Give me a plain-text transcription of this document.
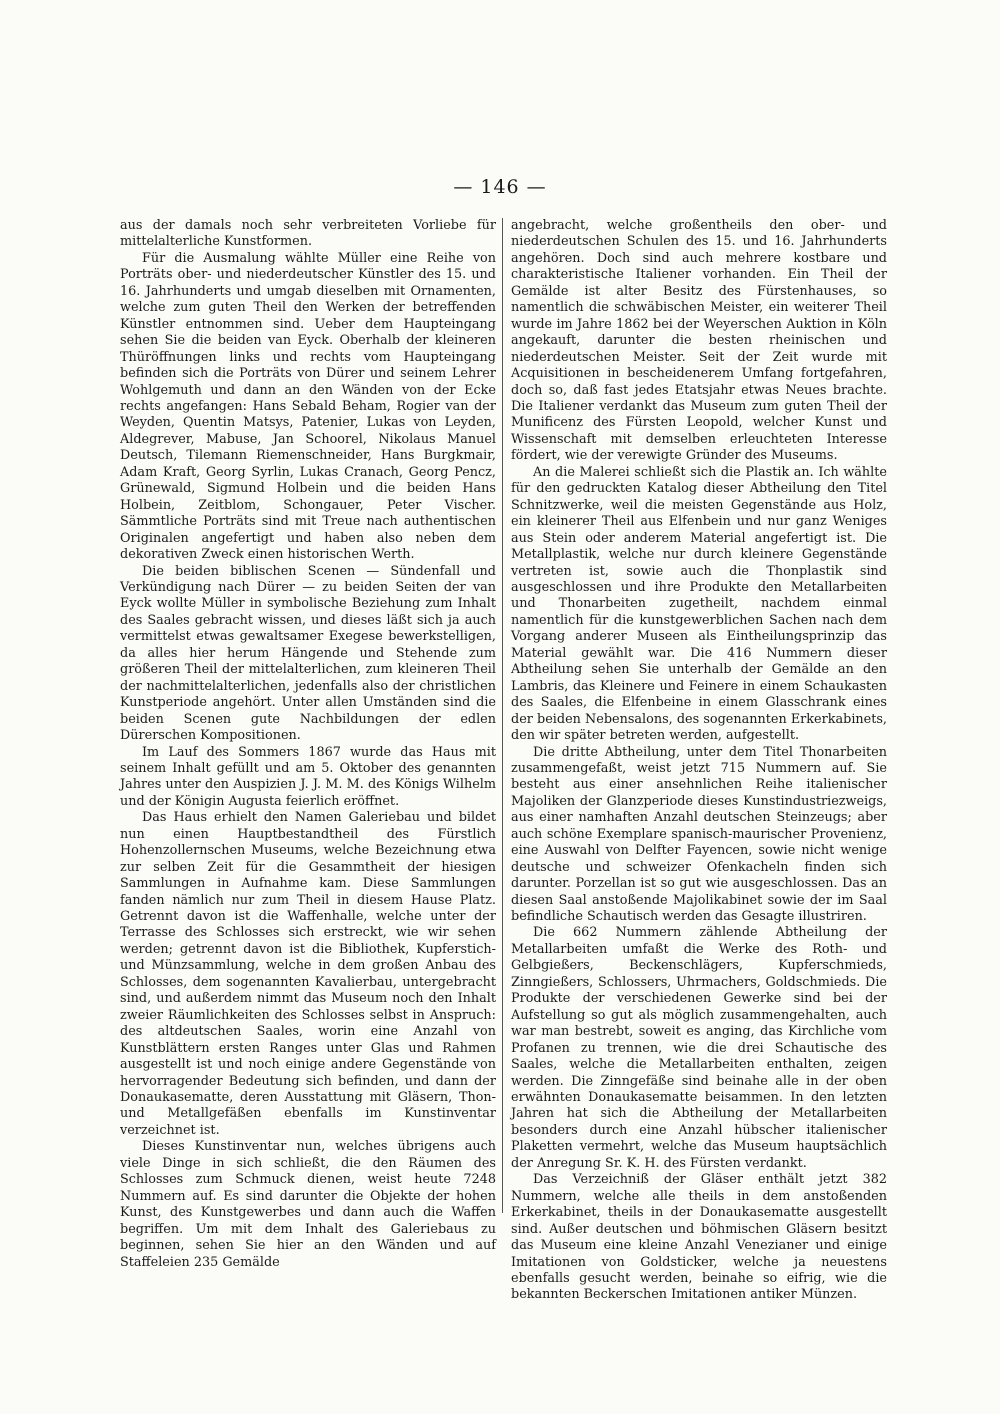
— 146 —

aus der damals noch sehr verbreiteten Vorliebe für mittelalterliche Kunstformen.

Für die Ausmalung wählte Müller eine Reihe von Porträts ober- und niederdeutscher Künstler des 15. und 16. Jahrhunderts und umgab dieselben mit Ornamenten, welche zum guten Theil den Werken der betreffenden Künstler entnommen sind. Ueber dem Haupteingang sehen Sie die beiden van Eyck. Oberhalb der kleineren Thüröffnungen links und rechts vom Haupteingang befinden sich die Porträts von Dürer und seinem Lehrer Wohlgemuth und dann an den Wänden von der Ecke rechts angefangen: Hans Sebald Beham, Rogier van der Weyden, Quentin Matsys, Patenier, Lukas von Leyden, Aldegrever, Mabuse, Jan Schoorel, Nikolaus Manuel Deutsch, Tilemann Riemenschneider, Hans Burgkmair, Adam Kraft, Georg Syrlin, Lukas Cranach, Georg Pencz, Grünewald, Sigmund Holbein und die beiden Hans Holbein, Zeitblom, Schongauer, Peter Vischer. Sämmtliche Porträts sind mit Treue nach authentischen Originalen angefertigt und haben also neben dem dekorativen Zweck einen historischen Werth.

Die beiden biblischen Scenen — Sündenfall und Verkündigung nach Dürer — zu beiden Seiten der van Eyck wollte Müller in symbolische Beziehung zum Inhalt des Saales gebracht wissen, und dieses läßt sich ja auch vermittelst etwas gewaltsamer Exegese bewerkstelligen, da alles hier herum Hängende und Stehende zum größeren Theil der mittelalterlichen, zum kleineren Theil der nachmittelalterlichen, jedenfalls also der christlichen Kunstperiode angehört. Unter allen Umständen sind die beiden Scenen gute Nachbildungen der edlen Dürerschen Kompositionen.

Im Lauf des Sommers 1867 wurde das Haus mit seinem Inhalt gefüllt und am 5. Oktober des genannten Jahres unter den Auspizien J. J. M. M. des Königs Wilhelm und der Königin Augusta feierlich eröffnet.

Das Haus erhielt den Namen Galeriebau und bildet nun einen Hauptbestandtheil des Fürstlich Hohenzollernschen Museums, welche Bezeichnung etwa zur selben Zeit für die Gesammtheit der hiesigen Sammlungen in Aufnahme kam. Diese Sammlungen fanden nämlich nur zum Theil in diesem Hause Platz. Getrennt davon ist die Waffenhalle, welche unter der Terrasse des Schlosses sich erstreckt, wie wir sehen werden; getrennt davon ist die Bibliothek, Kupferstich- und Münzsammlung, welche in dem großen Anbau des Schlosses, dem sogenannten Kavalierbau, untergebracht sind, und außerdem nimmt das Museum noch den Inhalt zweier Räumlichkeiten des Schlosses selbst in Anspruch: des altdeutschen Saales, worin eine Anzahl von Kunstblättern ersten Ranges unter Glas und Rahmen ausgestellt ist und noch einige andere Gegenstände von hervorragender Bedeutung sich befinden, und dann der Donaukasematte, deren Ausstattung mit Gläsern, Thon- und Metallgefäßen ebenfalls im Kunstinventar verzeichnet ist.

Dieses Kunstinventar nun, welches übrigens auch viele Dinge in sich schließt, die den Räumen des Schlosses zum Schmuck dienen, weist heute 7248 Nummern auf. Es sind darunter die Objekte der hohen Kunst, des Kunstgewerbes und dann auch die Waffen begriffen. Um mit dem Inhalt des Galeriebaus zu beginnen, sehen Sie hier an den Wänden und auf Staffeleien 235 Gemälde

angebracht, welche großentheils den ober- und niederdeutschen Schulen des 15. und 16. Jahrhunderts angehören. Doch sind auch mehrere kostbare und charakteristische Italiener vorhanden. Ein Theil der Gemälde ist alter Besitz des Fürstenhauses, so namentlich die schwäbischen Meister, ein weiterer Theil wurde im Jahre 1862 bei der Weyerschen Auktion in Köln angekauft, darunter die besten rheinischen und niederdeutschen Meister. Seit der Zeit wurde mit Acquisitionen in bescheidenerem Umfang fortgefahren, doch so, daß fast jedes Etatsjahr etwas Neues brachte. Die Italiener verdankt das Museum zum guten Theil der Munificenz des Fürsten Leopold, welcher Kunst und Wissenschaft mit demselben erleuchteten Interesse fördert, wie der verewigte Gründer des Museums.

An die Malerei schließt sich die Plastik an. Ich wählte für den gedruckten Katalog dieser Abtheilung den Titel Schnitzwerke, weil die meisten Gegenstände aus Holz, ein kleinerer Theil aus Elfenbein und nur ganz Weniges aus Stein oder anderem Material angefertigt ist. Die Metallplastik, welche nur durch kleinere Gegenstände vertreten ist, sowie auch die Thonplastik sind ausgeschlossen und ihre Produkte den Metallarbeiten und Thonarbeiten zugetheilt, nachdem einmal namentlich für die kunstgewerblichen Sachen nach dem Vorgang anderer Museen als Eintheilungsprinzip das Material gewählt war. Die 416 Nummern dieser Abtheilung sehen Sie unterhalb der Gemälde an den Lambris, das Kleinere und Feinere in einem Schaukasten des Saales, die Elfenbeine in einem Glasschrank eines der beiden Nebensalons, des sogenannten Erkerkabinets, den wir später betreten werden, aufgestellt.

Die dritte Abtheilung, unter dem Titel Thonarbeiten zusammengefaßt, weist jetzt 715 Nummern auf. Sie besteht aus einer ansehnlichen Reihe italienischer Majoliken der Glanzperiode dieses Kunstindustriezweigs, aus einer namhaften Anzahl deutschen Steinzeugs; aber auch schöne Exemplare spanisch-maurischer Provenienz, eine Auswahl von Delfter Fayencen, sowie nicht wenige deutsche und schweizer Ofenkacheln finden sich darunter. Porzellan ist so gut wie ausgeschlossen. Das an diesen Saal anstoßende Majolikabinet sowie der im Saal befindliche Schautisch werden das Gesagte illustriren.

Die 662 Nummern zählende Abtheilung der Metallarbeiten umfaßt die Werke des Roth- und Gelbgießers, Beckenschlägers, Kupferschmieds, Zinngießers, Schlossers, Uhrmachers, Goldschmieds. Die Produkte der verschiedenen Gewerke sind bei der Aufstellung so gut als möglich zusammengehalten, auch war man bestrebt, soweit es anging, das Kirchliche vom Profanen zu trennen, wie die drei Schautische des Saales, welche die Metallarbeiten enthalten, zeigen werden. Die Zinngefäße sind beinahe alle in der oben erwähnten Donaukasematte beisammen. In den letzten Jahren hat sich die Abtheilung der Metallarbeiten besonders durch eine Anzahl hübscher italienischer Plaketten vermehrt, welche das Museum hauptsächlich der Anregung Sr. K. H. des Fürsten verdankt.

Das Verzeichniß der Gläser enthält jetzt 382 Nummern, welche alle theils in dem anstoßenden Erkerkabinet, theils in der Donaukasematte ausgestellt sind. Außer deutschen und böhmischen Gläsern besitzt das Museum eine kleine Anzahl Venezianer und einige Imitationen von Goldsticker, welche ja neuestens ebenfalls gesucht werden, beinahe so eifrig, wie die bekannten Beckerschen Imitationen antiker Münzen.
